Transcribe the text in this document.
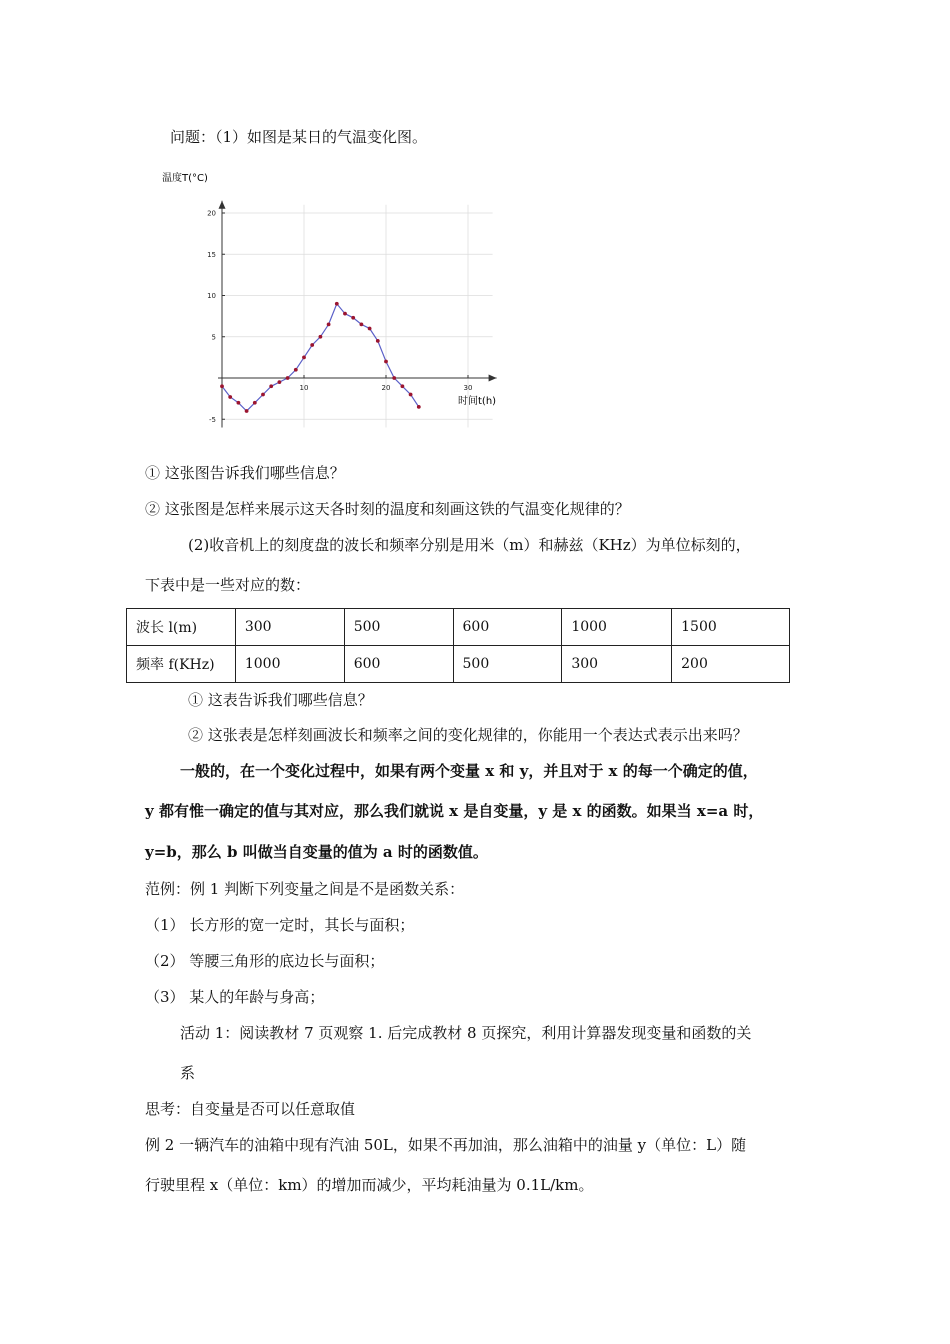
问题：（1）如图是某日的气温变化图。
温度T(°C)
时间t(h)
10	20	30
-5
5
10
15
20
① 这张图告诉我们哪些信息？
② 这张图是怎样来展示这天各时刻的温度和刻画这铁的气温变化规律的？
(2)收音机上的刻度盘的波长和频率分别是用米（m）和赫兹（KHz）为单位标刻的，
下表中是一些对应的数：
波长 l(m)	300	500	600	1000	1500
频率 f(KHz)	1000	600	500	300	200
① 这表告诉我们哪些信息？
② 这张表是怎样刻画波长和频率之间的变化规律的，你能用一个表达式表示出来吗？
一般的，在一个变化过程中，如果有两个变量 x 和 y，并且对于 x 的每一个确定的值，
y 都有惟一确定的值与其对应，那么我们就说 x 是自变量，y 是 x 的函数。如果当 x=a 时，
y=b，那么 b 叫做当自变量的值为 a 时的函数值。
范例：例 1 判断下列变量之间是不是函数关系：
（1） 长方形的宽一定时，其长与面积；
（2） 等腰三角形的底边长与面积；
（3） 某人的年龄与身高；
活动 1：阅读教材 7 页观察 1. 后完成教材 8 页探究，利用计算器发现变量和函数的关
系
思考：自变量是否可以任意取值
例 2 一辆汽车的油箱中现有汽油 50L，如果不再加油，那么油箱中的油量 y（单位：L）随
行驶里程 x（单位：km）的增加而减少，平均耗油量为 0.1L/km。
